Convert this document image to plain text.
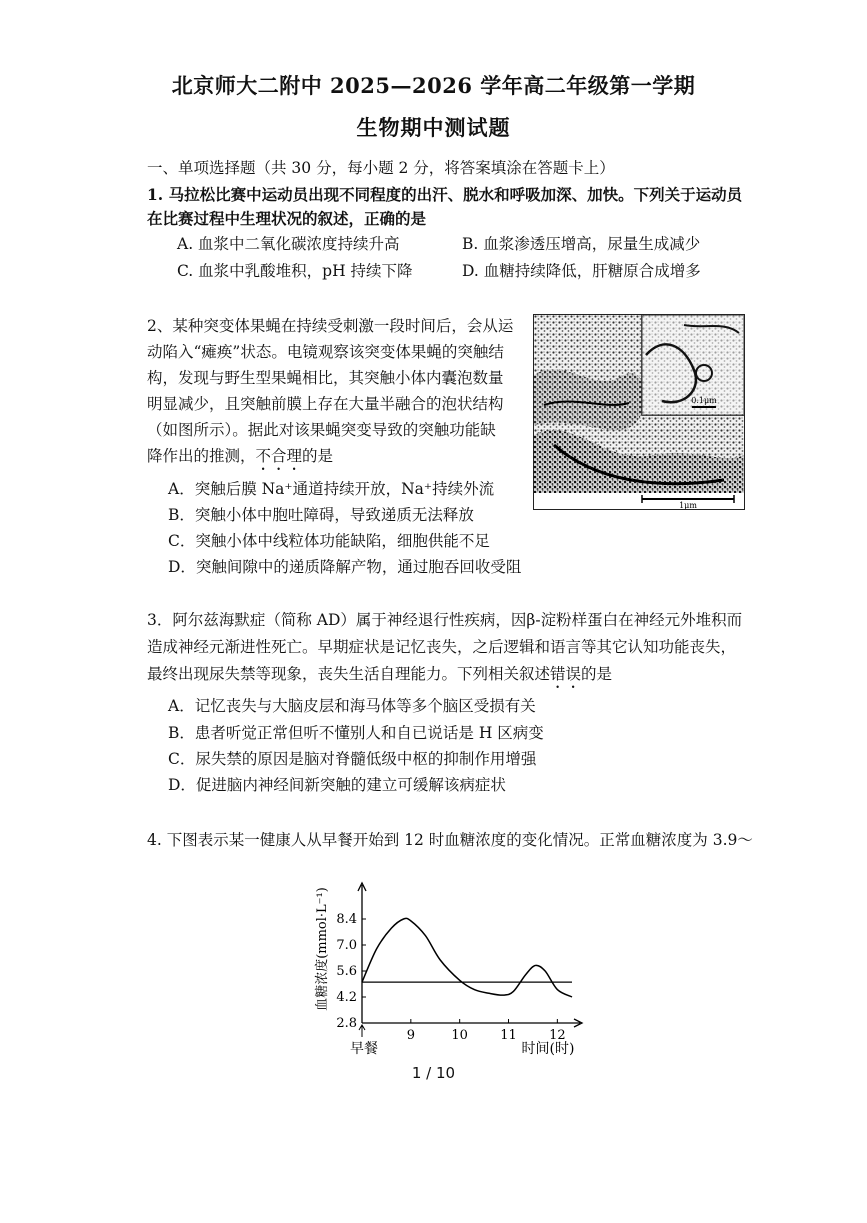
北京师大二附中 2025—2026 学年高二年级第一学期
生物期中测试题
一、单项选择题（共 30 分，每小题 2 分，将答案填涂在答题卡上）
1. 马拉松比赛中运动员出现不同程度的出汗、脱水和呼吸加深、加快。下列关于运动员
在比赛过程中生理状况的叙述，正确的是
A. 血浆中二氧化碳浓度持续升高	B. 血浆渗透压增高，尿量生成减少
C. 血浆中乳酸堆积，pH 持续下降	D. 血糖持续降低，肝糖原合成增多
2、某种突变体果蝇在持续受刺激一段时间后，会从运
动陷入“瘫痪”状态。电镜观察该突变体果蝇的突触结
构，发现与野生型果蝇相比，其突触小体内囊泡数量
明显减少，且突触前膜上存在大量半融合的泡状结构
（如图所示）。据此对该果蝇突变导致的突触功能缺
降作出的推测，不合理的是
A．突触后膜 Na⁺通道持续开放，Na⁺持续外流
B．突触小体中胞吐障碍，导致递质无法释放
C．突触小体中线粒体功能缺陷，细胞供能不足
D．突触间隙中的递质降解产物，通过胞吞回收受阻
0.1μm
1μm
3．阿尔兹海默症（简称 AD）属于神经退行性疾病，因β-淀粉样蛋白在神经元外堆积而
造成神经元渐进性死亡。早期症状是记忆丧失，之后逻辑和语言等其它认知功能丧失，
最终出现尿失禁等现象，丧失生活自理能力。下列相关叙述错误的是
A．记忆丧失与大脑皮层和海马体等多个脑区受损有关
B．患者听觉正常但听不懂别人和自已说话是 H 区病变
C．尿失禁的原因是脑对脊髓低级中枢的抑制作用增强
D．促进脑内神经间新突触的建立可缓解该病症状
4. 下图表示某一健康人从早餐开始到 12 时血糖浓度的变化情况。正常血糖浓度为 3.9～
8.4
7.0
5.6
4.2
2.8
9	10 11 12
血糖浓度(mmol·L⁻¹)
时间(时)
早餐
1 / 10
